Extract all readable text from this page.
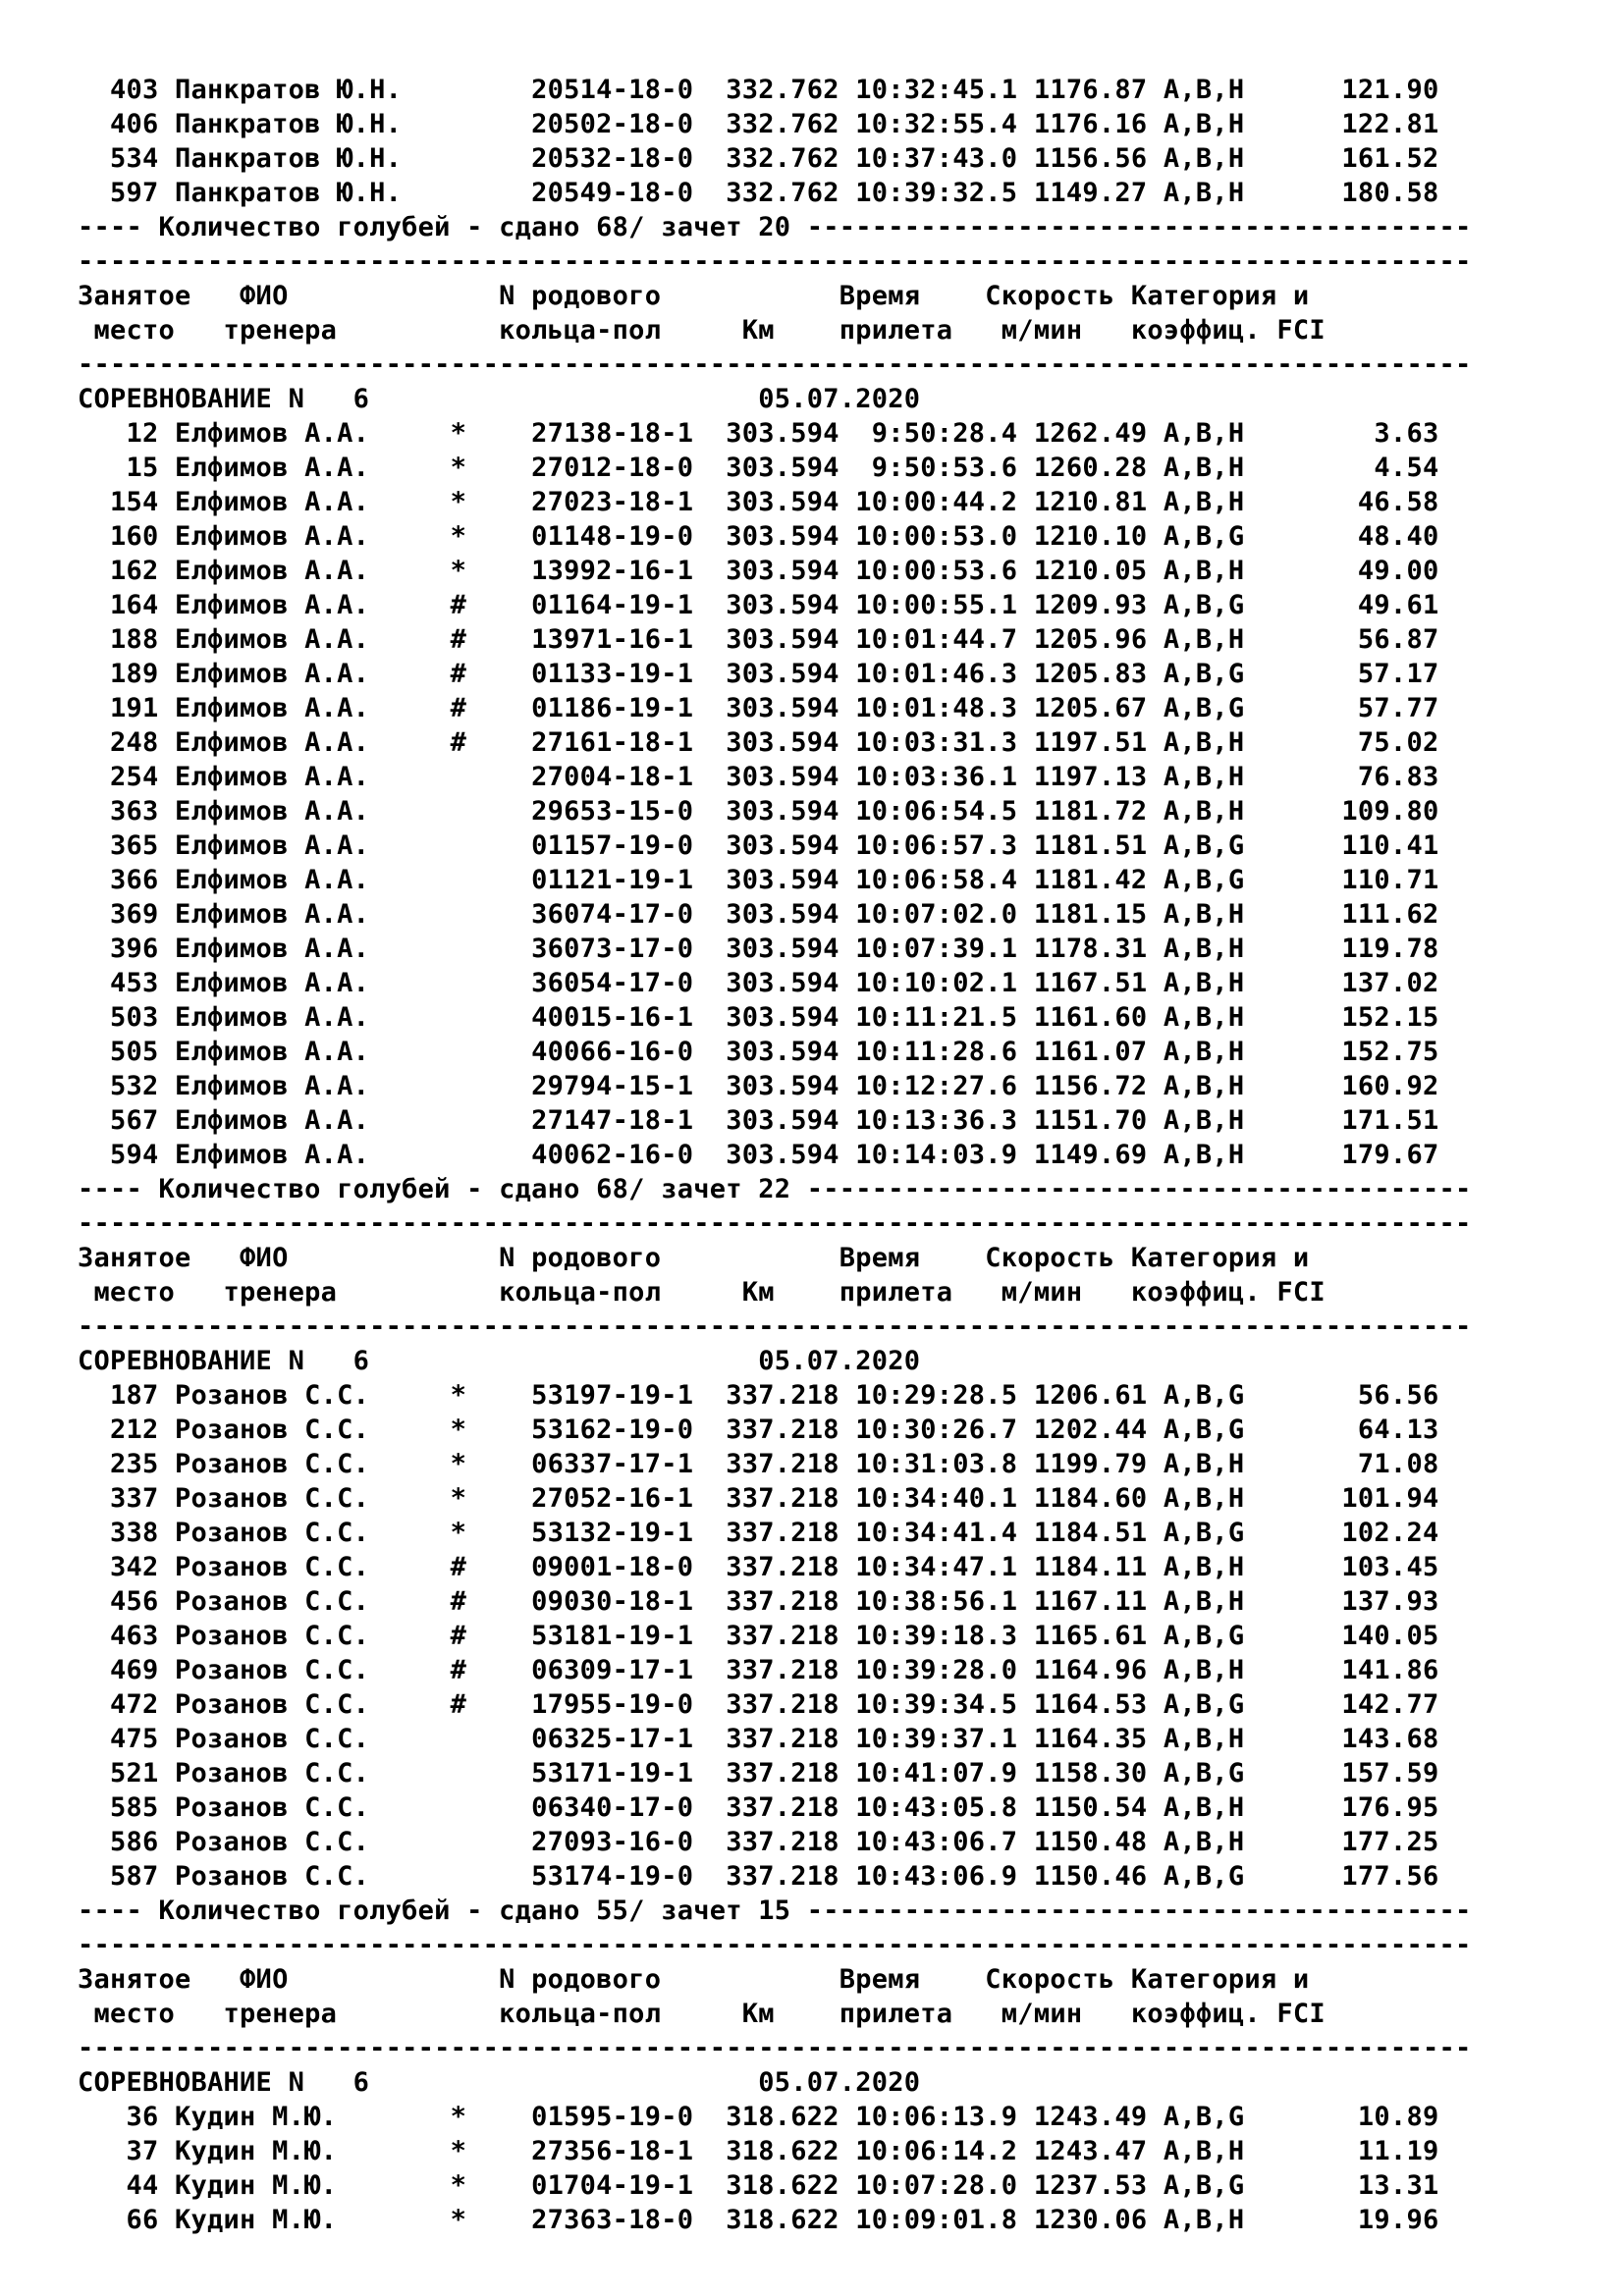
403 Панкратов Ю.Н.        20514-18-0  332.762 10:32:45.1 1176.87 A,B,H      121.90
406 Панкратов Ю.Н.        20502-18-0  332.762 10:32:55.4 1176.16 A,B,H      122.81
534 Панкратов Ю.Н.        20532-18-0  332.762 10:37:43.0 1156.56 A,B,H      161.52
597 Панкратов Ю.Н.        20549-18-0  332.762 10:39:32.5 1149.27 A,B,H      180.58
---- Количество голубей - сдано 68/ зачет 20 -----------------------------------------
--------------------------------------------------------------------------------------
Занятое   ФИО             N родового           Время    Скорость Категория и
место   тренера          кольца-пол     Км    прилета   м/мин   коэффиц. FCI
--------------------------------------------------------------------------------------
СОРЕВНОВАНИЕ N   6                        05.07.2020
12 Елфимов А.А.     *    27138-18-1  303.594  9:50:28.4 1262.49 A,B,H        3.63
15 Елфимов А.А.     *    27012-18-0  303.594  9:50:53.6 1260.28 A,B,H        4.54
154 Елфимов А.А.     *    27023-18-1  303.594 10:00:44.2 1210.81 A,B,H       46.58
160 Елфимов А.А.     *    01148-19-0  303.594 10:00:53.0 1210.10 A,B,G       48.40
162 Елфимов А.А.     *    13992-16-1  303.594 10:00:53.6 1210.05 A,B,H       49.00
164 Елфимов А.А.     #    01164-19-1  303.594 10:00:55.1 1209.93 A,B,G       49.61
188 Елфимов А.А.     #    13971-16-1  303.594 10:01:44.7 1205.96 A,B,H       56.87
189 Елфимов А.А.     #    01133-19-1  303.594 10:01:46.3 1205.83 A,B,G       57.17
191 Елфимов А.А.     #    01186-19-1  303.594 10:01:48.3 1205.67 A,B,G       57.77
248 Елфимов А.А.     #    27161-18-1  303.594 10:03:31.3 1197.51 A,B,H       75.02
254 Елфимов А.А.          27004-18-1  303.594 10:03:36.1 1197.13 A,B,H       76.83
363 Елфимов А.А.          29653-15-0  303.594 10:06:54.5 1181.72 A,B,H      109.80
365 Елфимов А.А.          01157-19-0  303.594 10:06:57.3 1181.51 A,B,G      110.41
366 Елфимов А.А.          01121-19-1  303.594 10:06:58.4 1181.42 A,B,G      110.71
369 Елфимов А.А.          36074-17-0  303.594 10:07:02.0 1181.15 A,B,H      111.62
396 Елфимов А.А.          36073-17-0  303.594 10:07:39.1 1178.31 A,B,H      119.78
453 Елфимов А.А.          36054-17-0  303.594 10:10:02.1 1167.51 A,B,H      137.02
503 Елфимов А.А.          40015-16-1  303.594 10:11:21.5 1161.60 A,B,H      152.15
505 Елфимов А.А.          40066-16-0  303.594 10:11:28.6 1161.07 A,B,H      152.75
532 Елфимов А.А.          29794-15-1  303.594 10:12:27.6 1156.72 A,B,H      160.92
567 Елфимов А.А.          27147-18-1  303.594 10:13:36.3 1151.70 A,B,H      171.51
594 Елфимов А.А.          40062-16-0  303.594 10:14:03.9 1149.69 A,B,H      179.67
---- Количество голубей - сдано 68/ зачет 22 -----------------------------------------
--------------------------------------------------------------------------------------
Занятое   ФИО             N родового           Время    Скорость Категория и
место   тренера          кольца-пол     Км    прилета   м/мин   коэффиц. FCI
--------------------------------------------------------------------------------------
СОРЕВНОВАНИЕ N   6                        05.07.2020
187 Розанов С.С.     *    53197-19-1  337.218 10:29:28.5 1206.61 A,B,G       56.56
212 Розанов С.С.     *    53162-19-0  337.218 10:30:26.7 1202.44 A,B,G       64.13
235 Розанов С.С.     *    06337-17-1  337.218 10:31:03.8 1199.79 A,B,H       71.08
337 Розанов С.С.     *    27052-16-1  337.218 10:34:40.1 1184.60 A,B,H      101.94
338 Розанов С.С.     *    53132-19-1  337.218 10:34:41.4 1184.51 A,B,G      102.24
342 Розанов С.С.     #    09001-18-0  337.218 10:34:47.1 1184.11 A,B,H      103.45
456 Розанов С.С.     #    09030-18-1  337.218 10:38:56.1 1167.11 A,B,H      137.93
463 Розанов С.С.     #    53181-19-1  337.218 10:39:18.3 1165.61 A,B,G      140.05
469 Розанов С.С.     #    06309-17-1  337.218 10:39:28.0 1164.96 A,B,H      141.86
472 Розанов С.С.     #    17955-19-0  337.218 10:39:34.5 1164.53 A,B,G      142.77
475 Розанов С.С.          06325-17-1  337.218 10:39:37.1 1164.35 A,B,H      143.68
521 Розанов С.С.          53171-19-1  337.218 10:41:07.9 1158.30 A,B,G      157.59
585 Розанов С.С.          06340-17-0  337.218 10:43:05.8 1150.54 A,B,H      176.95
586 Розанов С.С.          27093-16-0  337.218 10:43:06.7 1150.48 A,B,H      177.25
587 Розанов С.С.          53174-19-0  337.218 10:43:06.9 1150.46 A,B,G      177.56
---- Количество голубей - сдано 55/ зачет 15 -----------------------------------------
--------------------------------------------------------------------------------------
Занятое   ФИО             N родового           Время    Скорость Категория и
место   тренера          кольца-пол     Км    прилета   м/мин   коэффиц. FCI
--------------------------------------------------------------------------------------
СОРЕВНОВАНИЕ N   6                        05.07.2020
36 Кудин М.Ю.       *    01595-19-0  318.622 10:06:13.9 1243.49 A,B,G       10.89
37 Кудин М.Ю.       *    27356-18-1  318.622 10:06:14.2 1243.47 A,B,H       11.19
44 Кудин М.Ю.       *    01704-19-1  318.622 10:07:28.0 1237.53 A,B,G       13.31
66 Кудин М.Ю.       *    27363-18-0  318.622 10:09:01.8 1230.06 A,B,H       19.96
